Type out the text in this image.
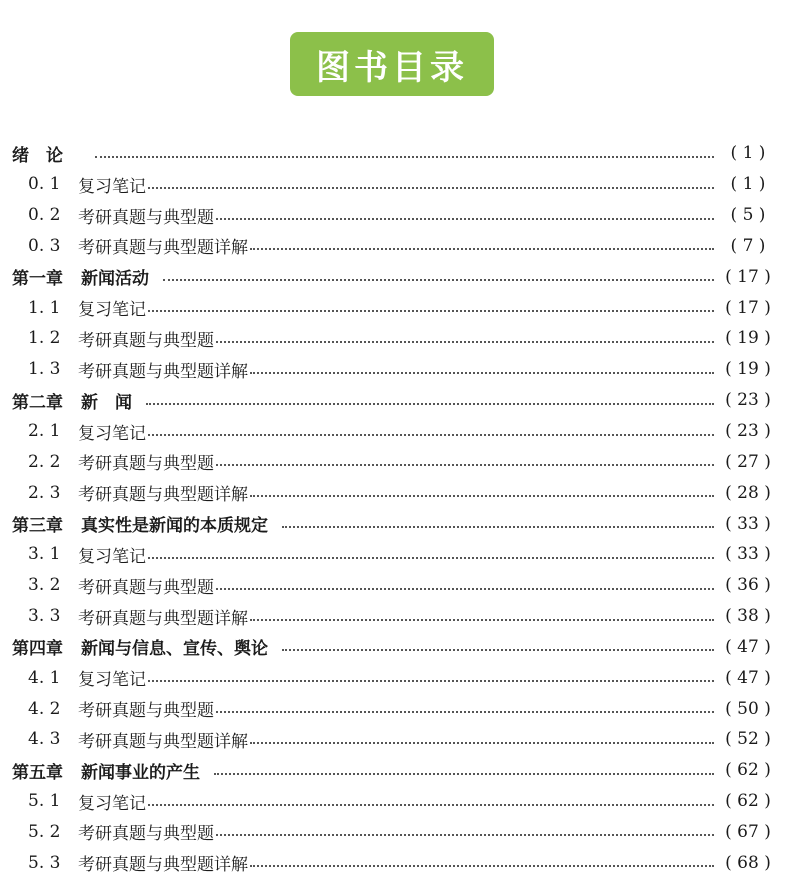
图书目录
绪　论	( 1 )
0. 1	复习笔记	( 1 )
0. 2	考研真题与典型题	( 5 )
0. 3	考研真题与典型题详解	( 7 )
第一章 新闻活动	( 17 )
1. 1	复习笔记	( 17 )
1. 2	考研真题与典型题	( 19 )
1. 3	考研真题与典型题详解	( 19 )
第二章 新　闻	( 23 )
2. 1	复习笔记	( 23 )
2. 2	考研真题与典型题	( 27 )
2. 3	考研真题与典型题详解	( 28 )
第三章 真实性是新闻的本质规定	( 33 )
3. 1	复习笔记	( 33 )
3. 2	考研真题与典型题	( 36 )
3. 3	考研真题与典型题详解	( 38 )
第四章 新闻与信息、宣传、舆论	( 47 )
4. 1	复习笔记	( 47 )
4. 2	考研真题与典型题	( 50 )
4. 3	考研真题与典型题详解	( 52 )
第五章 新闻事业的产生	( 62 )
5. 1	复习笔记	( 62 )
5. 2	考研真题与典型题	( 67 )
5. 3	考研真题与典型题详解	( 68 )
